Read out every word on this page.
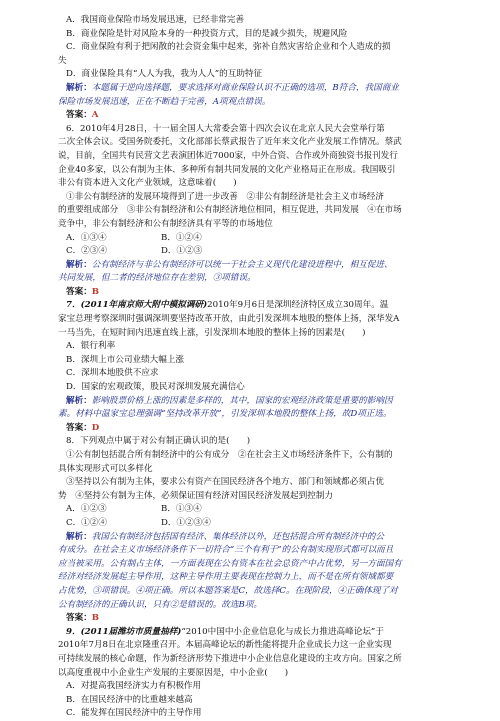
A．我国商业保险市场发展迅速，已经非常完善
B．商业保险是针对风险本身的一种投资方式，目的是减少损失，规避风险
C．商业保险有利于把闲散的社会资金集中起来，弥补自然灾害给企业和个人造成的损
失
D．商业保险具有“人人为我，我为人人”的互助特征
解析：本题属于逆向选择题，要求选择对商业保险认识不正确的选项，B符合，我国商业
保险市场发展迅速，正在不断趋于完善，A项观点错误。
答案：A
6．2010年4月28日，十一届全国人大常委会第十四次会议在北京人民大会堂举行第
二次全体会议。受国务院委托，文化部部长蔡武报告了近年来文化产业发展工作情况。蔡武
说，目前，全国共有民营文艺表演团体近7000家，中外合资、合作或外商独资书报刊发行
企业40多家，以公有制为主体、多种所有制共同发展的文化产业格局正在形成。我国吸引
非公有资本进入文化产业领域，这意味着(　　)
①非公有制经济的发展环境得到了进一步改善　②非公有制经济是社会主义市场经济
的重要组成部分　③非公有制经济和公有制经济地位相同，相互促进，共同发展　④在市场
竞争中，非公有制经济和公有制经济具有平等的市场地位
A．①③④	B．①②④
C．②③④	D．①②③
解析：公有制经济与非公有制经济可以统一于社会主义现代化建设进程中，相互促进、
共同发展，但二者的经济地位存在差别，③项错误。
答案：B
7．(2011年南京师大附中模拟调研)2010年9月6日是深圳经济特区成立30周年。温
家宝总理考察深圳时强调深圳要坚持改革开放，由此引发深圳本地股的整体上扬，深华发A
一马当先，在短时间内迅速直线上涨，引发深圳本地股的整体上扬的因素是(　　)
A．银行利率
B．深圳上市公司业绩大幅上涨
C．深圳本地股供不应求
D．国家的宏观政策，股民对深圳发展充满信心
解析：影响股票价格上涨的因素是多样的，其中，国家的宏观经济政策是重要的影响因
素。材料中温家宝总理强调“坚持改革开放”，引发深圳本地股的整体上扬，故D项正选。
答案：D
8．下列观点中属于对公有制正确认识的是(　　)
①公有制包括混合所有制经济中的公有成分　②在社会主义市场经济条件下，公有制的
具体实现形式可以多样化
③坚持以公有制为主体，要求公有资产在国民经济各个地方、部门和领域都必须占优
势　④坚持公有制为主体，必须保证国有经济对国民经济发展起到控制力
A．①②③	B．①③④
C．①②④	D．①②③④
解析：我国公有制经济包括国有经济、集体经济以外，还包括混合所有制经济中的公
有成分。在社会主义市场经济条件下一切符合“三个有利于”的公有制实现形式都可以而且
应当被采用。公有制占主体，一方面表现在公有资本在社会总资产中占优势，另一方面国有
经济对经济发展起主导作用，这种主导作用主要表现在控制力上，而不是在所有领域都要
占优势，③项错误。④项正确。所以本题答案是C，故选择C。在现阶段，④正确体现了对
公有制经济的正确认识，只有②是错误的。故选B项。
答案：B
9．(2011届潍坊市质量抽样)“2010中国中小企业信息化与成长力推进高峰论坛”于
2010年7月8日在北京隆重召开。本届高峰论坛的新性能将提升企业成长力这一企业实现
可持续发展的核心命题，作为新经济形势下推进中小企业信息化建设的主攻方向。国家之所
以高度重视中小企业生产发展的主要原因是，中小企业(　　)
A．对提高我国经济实力有积极作用
B．在国民经济中的比重越来越高
C．能发挥在国民经济中的主导作用
